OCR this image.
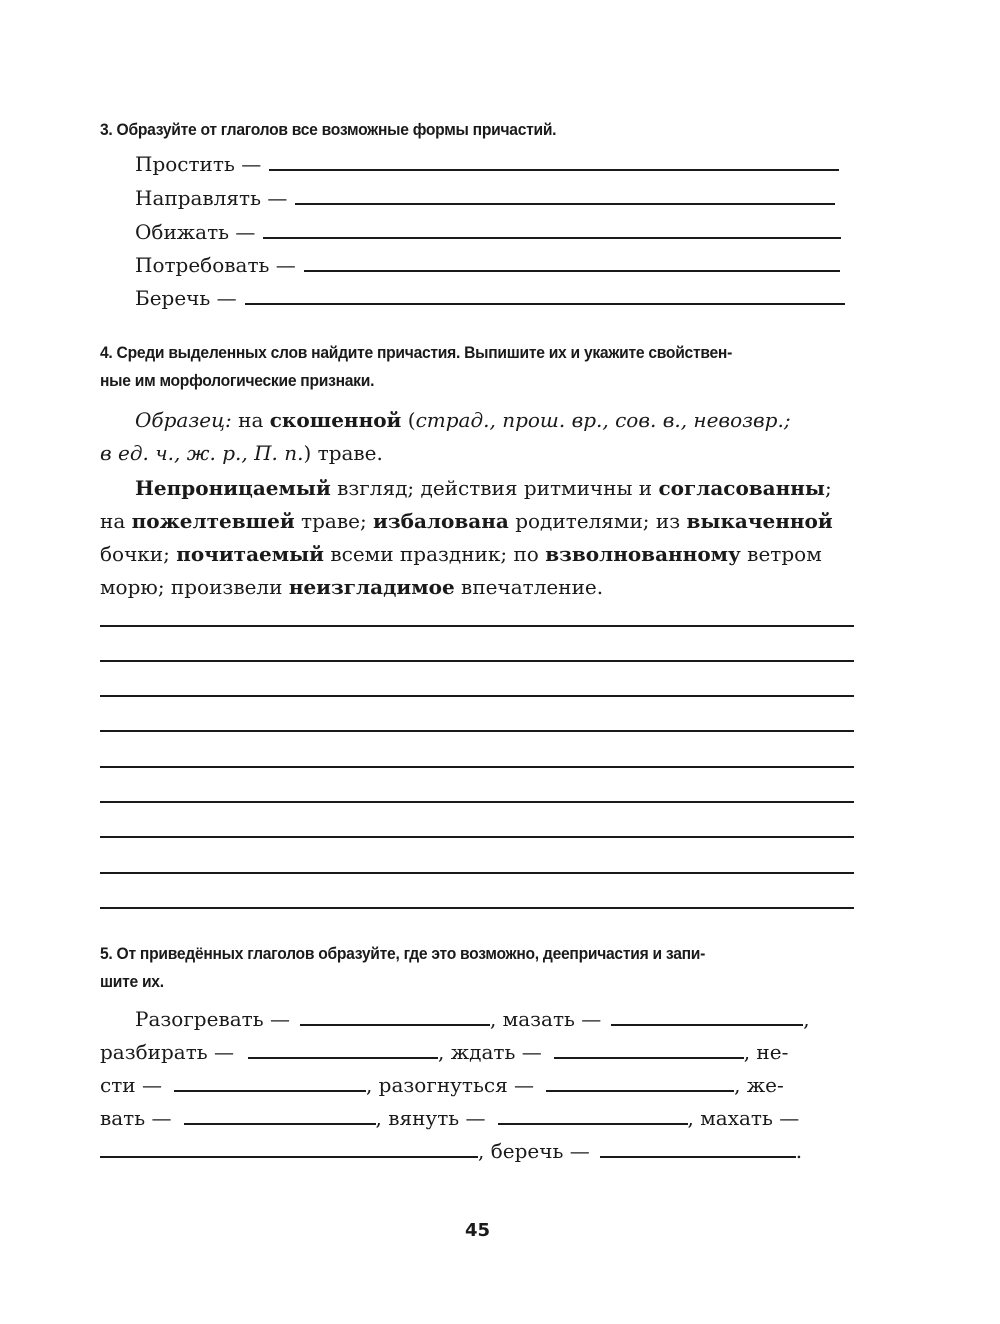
3. Образуйте от глаголов все возможные формы причастий.
Простить —
Направлять —
Обижать —
Потребовать —
Беречь —
4. Среди выделенных слов найдите причастия. Выпишите их и укажите свойствен-
ные им морфологические признаки.
Образец: на скошенной (страд., прош. вр., сов. в., невозвр.;
в ед. ч., ж. р., П. п.) траве.
Непроницаемый взгляд; действия ритмичны и согласованны;
на пожелтевшей траве; избалована родителями; из выкаченной
бочки; почитаемый всеми праздник; по взволнованному ветром
морю; произвели неизгладимое впечатление.
5. От приведённых глаголов образуйте, где это возможно, деепричастия и запи-
шите их.
Разогревать —	, мазать —	,
разбирать —	, ждать —	, не-
сти —	, разогнуться —	, же-
вать —	, вянуть —	, махать —
, беречь —	.
45
